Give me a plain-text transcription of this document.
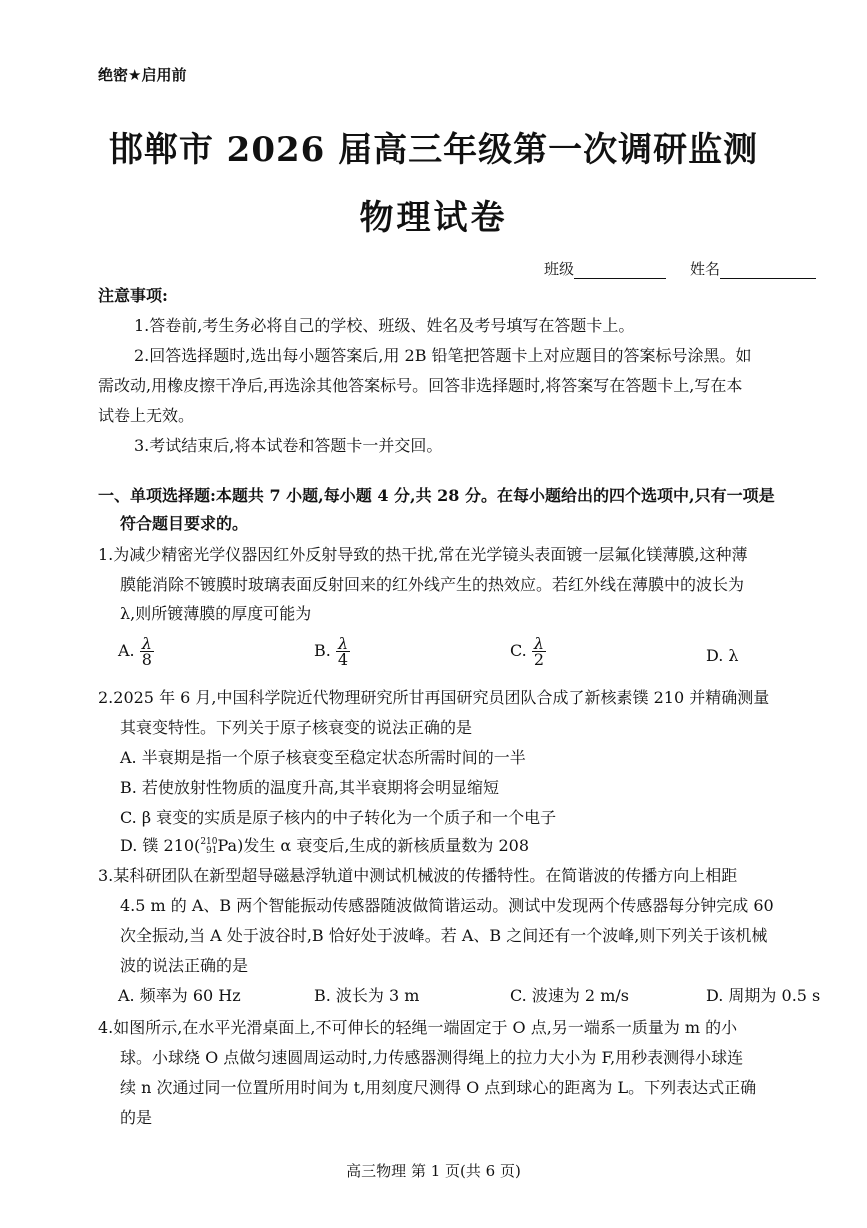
绝密★启用前
邯郸市 2026 届高三年级第一次调研监测
物理试卷
班级	姓名
注意事项:
1.答卷前,考生务必将自己的学校、班级、姓名及考号填写在答题卡上。
2.回答选择题时,选出每小题答案后,用 2B 铅笔把答题卡上对应题目的答案标号涂黑。如
需改动,用橡皮擦干净后,再选涂其他答案标号。回答非选择题时,将答案写在答题卡上,写在本
试卷上无效。
3.考试结束后,将本试卷和答题卡一并交回。
一、单项选择题:本题共 7 小题,每小题 4 分,共 28 分。在每小题给出的四个选项中,只有一项是
符合题目要求的。
1.为减少精密光学仪器因红外反射导致的热干扰,常在光学镜头表面镀一层氟化镁薄膜,这种薄
膜能消除不镀膜时玻璃表面反射回来的红外线产生的热效应。若红外线在薄膜中的波长为
λ,则所镀薄膜的厚度可能为
A. $\frac{\lambda}{8}$	B. $\frac{\lambda}{4}$	C. $\frac{\lambda}{2}$	D. λ
2.2025 年 6 月,中国科学院近代物理研究所甘再国研究员团队合成了新核素镤 210 并精确测量
其衰变特性。下列关于原子核衰变的说法正确的是
A. 半衰期是指一个原子核衰变至稳定状态所需时间的一半
B. 若使放射性物质的温度升高,其半衰期将会明显缩短
C. β 衰变的实质是原子核内的中子转化为一个质子和一个电子
D. 镤 210( 210
91 Pa)发生 α 衰变后,生成的新核质量数为 208
3.某科研团队在新型超导磁悬浮轨道中测试机械波的传播特性。在简谐波的传播方向上相距
4.5 m 的 A、B 两个智能振动传感器随波做简谐运动。测试中发现两个传感器每分钟完成 60
次全振动,当 A 处于波谷时,B 恰好处于波峰。若 A、B 之间还有一个波峰,则下列关于该机械
波的说法正确的是
A. 频率为 60 Hz	B. 波长为 3 m	C. 波速为 2 m/s	D. 周期为 0.5 s
4.如图所示,在水平光滑桌面上,不可伸长的轻绳一端固定于 O 点,另一端系一质量为 m 的小
球。小球绕 O 点做匀速圆周运动时,力传感器测得绳上的拉力大小为 F,用秒表测得小球连
续 n 次通过同一位置所用时间为 t,用刻度尺测得 O 点到球心的距离为 L。下列表达式正确
的是
高三物理 第 1 页(共 6 页)
